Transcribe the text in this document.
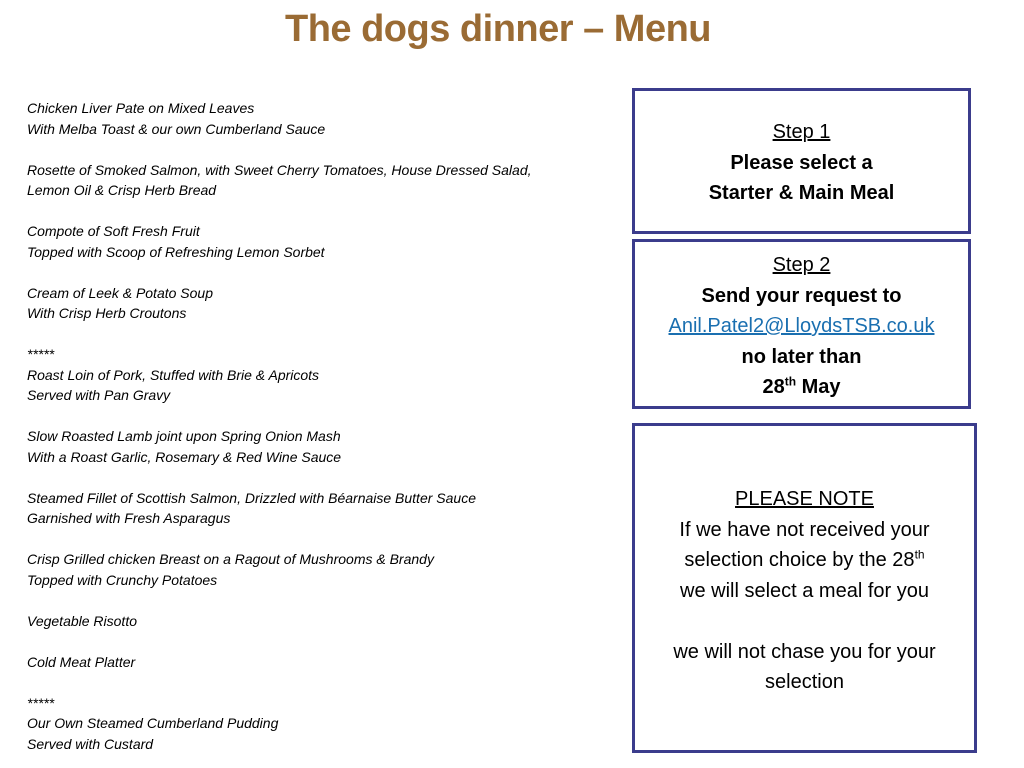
The dogs dinner – Menu
Chicken Liver Pate on Mixed Leaves
With Melba Toast & our own Cumberland Sauce
Rosette of Smoked Salmon, with Sweet Cherry Tomatoes, House Dressed Salad,
Lemon Oil & Crisp Herb Bread
Compote of Soft Fresh Fruit
Topped with Scoop of Refreshing Lemon Sorbet
Cream of Leek & Potato Soup
With Crisp Herb Croutons
*****
Roast Loin of Pork, Stuffed with Brie & Apricots
Served with Pan Gravy
Slow Roasted Lamb joint upon Spring Onion Mash
With a Roast Garlic, Rosemary & Red Wine Sauce
Steamed Fillet of Scottish Salmon, Drizzled with Béarnaise Butter Sauce
Garnished with Fresh Asparagus
Crisp Grilled chicken Breast on a Ragout of Mushrooms & Brandy
Topped with Crunchy Potatoes
Vegetable Risotto
Cold Meat Platter
*****
Our Own Steamed Cumberland Pudding
Served with Custard
Step 1
Please select a
Starter & Main Meal
Step 2
Send your request to
Anil.Patel2@LloydsTSB.co.uk
no later than
28th May
PLEASE NOTE
If we have not received your
selection choice by the 28th
we will select a meal for you
we will not chase you for your
selection
